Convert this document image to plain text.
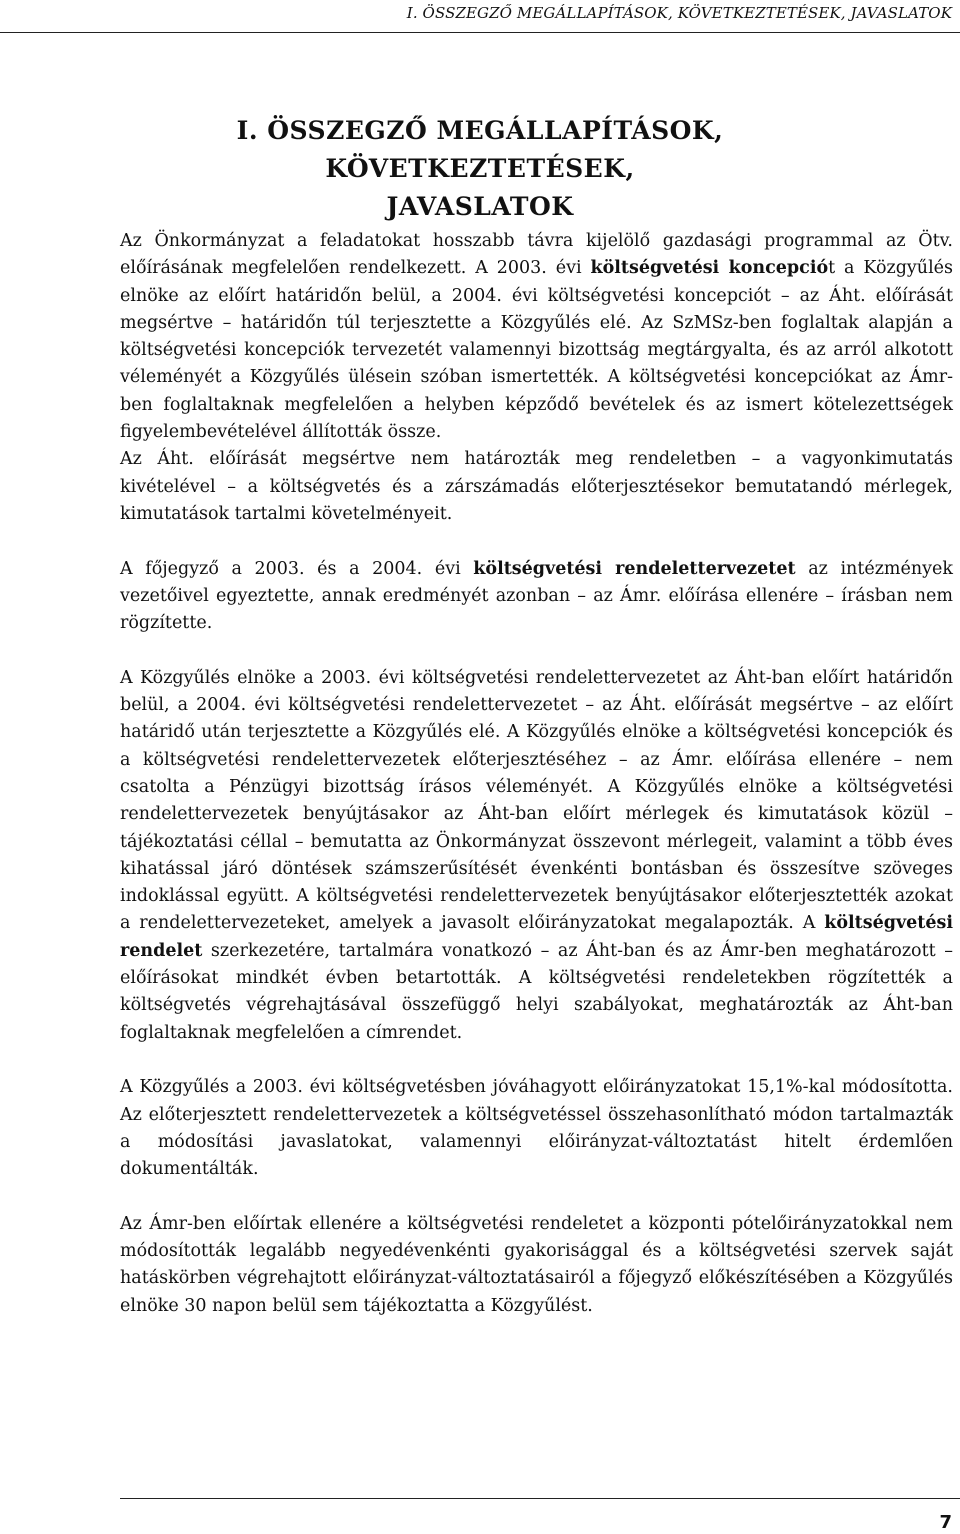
I. ÖSSZEGZŐ MEGÁLLAPÍTÁSOK, KÖVETKEZTETÉSEK, JAVASLATOK
I. ÖSSZEGZŐ MEGÁLLAPÍTÁSOK, KÖVETKEZTETÉSEK,
JAVASLATOK

Az Önkormányzat a feladatokat hosszabb távra kijelölő gazdasági programmal az Ötv. előírásának megfelelően rendelkezett. A 2003. évi költségvetési koncepciót a Közgyűlés elnöke az előírt határidőn belül, a 2004. évi költségvetési koncepciót – az Áht. előírását megsértve – határidőn túl terjesztette a Közgyűlés elé. Az SzMSz-ben foglaltak alapján a költségvetési koncepciók tervezetét valamennyi bizottság megtárgyalta, és az arról alkotott véleményét a Közgyűlés ülésein szóban ismertették. A költségvetési koncepciókat az Ámr-ben foglaltaknak megfelelően a helyben képződő bevételek és az ismert kötelezettségek figyelembevételével állították össze.

Az Áht. előírását megsértve nem határozták meg rendeletben – a vagyonkimutatás kivételével – a költségvetés és a zárszámadás előterjesztésekor bemutatandó mérlegek, kimutatások tartalmi követelményeit.

A főjegyző a 2003. és a 2004. évi költségvetési rendelettervezetet az intézmények vezetőivel egyeztette, annak eredményét azonban – az Ámr. előírása ellenére – írásban nem rögzítette.

A Közgyűlés elnöke a 2003. évi költségvetési rendelettervezetet az Áht-ban előírt határidőn belül, a 2004. évi költségvetési rendelettervezetet – az Áht. előírását megsértve – az előírt határidő után terjesztette a Közgyűlés elé. A Közgyűlés elnöke a költségvetési koncepciók és a költségvetési rendelettervezetek előterjesztéséhez – az Ámr. előírása ellenére – nem csatolta a Pénzügyi bizottság írásos véleményét. A Közgyűlés elnöke a költségvetési rendelettervezetek benyújtásakor az Áht-ban előírt mérlegek és kimutatások közül – tájékoztatási céllal – bemutatta az Önkormányzat összevont mérlegeit, valamint a több éves kihatással járó döntések számszerűsítését évenkénti bontásban és összesítve szöveges indoklással együtt. A költségvetési rendelettervezetek benyújtásakor előterjesztették azokat a rendelettervezeteket, amelyek a javasolt előirányzatokat megalapozták. A költségvetési rendelet szerkezetére, tartalmára vonatkozó – az Áht-ban és az Ámr-ben meghatározott – előírásokat mindkét évben betartották. A költségvetési rendeletekben rögzítették a költségvetés végrehajtásával összefüggő helyi szabályokat, meghatározták az Áht-ban foglaltaknak megfelelően a címrendet.

A Közgyűlés a 2003. évi költségvetésben jóváhagyott előirányzatokat 15,1%-kal módosította. Az előterjesztett rendelettervezetek a költségvetéssel összehasonlítható módon tartalmazták a módosítási javaslatokat, valamennyi előirányzat-változtatást hitelt érdemlően dokumentálták.

Az Ámr-ben előírtak ellenére a költségvetési rendeletet a központi pótelőirányzatokkal nem módosították legalább negyedévenkénti gyakorisággal és a költségvetési szervek saját hatáskörben végrehajtott előirányzat-változtatásairól a főjegyző előkészítésében a Közgyűlés elnöke 30 napon belül sem tájékoztatta a Közgyűlést.

7
